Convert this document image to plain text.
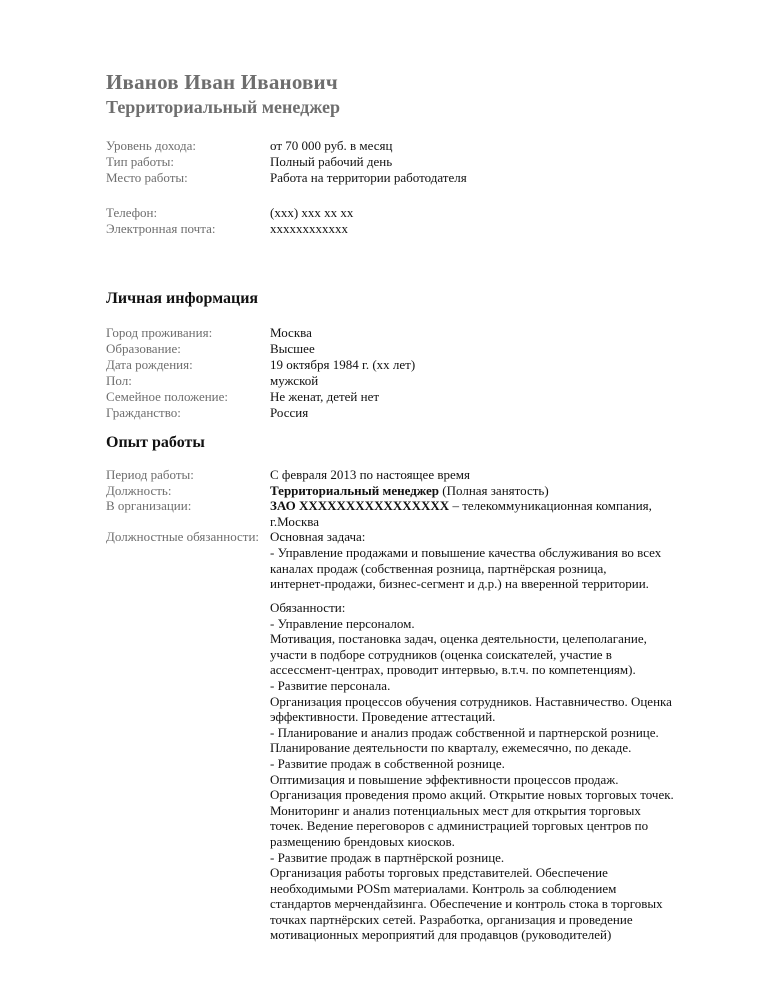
Иванов Иван Иванович
Территориальный менеджер
Уровень дохода:	от 70 000 руб. в месяц
Тип работы:	Полный рабочий день
Место работы:	Работа на территории работодателя
Телефон:	(xxx) xxx xx xx
Электронная почта:	xxxxxxxxxxxx
Личная информация
Город проживания:	Москва
Образование:	Высшее
Дата рождения:	19 октября 1984 г. (xx лет)
Пол:	мужской
Семейное положение:	Не женат, детей нет
Гражданство:	Россия
Опыт работы
Период работы:	С февраля 2013 по настоящее время
Должность:	Территориальный менеджер (Полная занятость)
В организации:	ЗАО XXXXXXXXXXXXXXXX – телекоммуникационная компания,
г.Москва
Должностные обязанности: Основная задача:
- Управление продажами и повышение качества обслуживания во всех
каналах продаж (собственная розница, партнёрская розница,
интернет-продажи, бизнес-сегмент и д.р.) на вверенной территории.
Обязанности:
- Управление персоналом.
Мотивация, постановка задач, оценка деятельности, целеполагание,
участи в подборе сотрудников (оценка соискателей, участие в
ассессмент-центрах, проводит интервью, в.т.ч. по компетенциям).
- Развитие персонала.
Организация процессов обучения сотрудников. Наставничество. Оценка
эффективности. Проведение аттестаций.
- Планирование и анализ продаж собственной и партнерской рознице.
Планирование деятельности по кварталу, ежемесячно, по декаде.
- Развитие продаж в собственной рознице.
Оптимизация и повышение эффективности процессов продаж.
Организация проведения промо акций. Открытие новых торговых точек.
Мониторинг и анализ потенциальных мест для открытия торговых
точек. Ведение переговоров с администрацией торговых центров по
размещению брендовых киосков.
- Развитие продаж в партнёрской рознице.
Организация работы торговых представителей. Обеспечение
необходимыми POSm материалами. Контроль за соблюдением
стандартов мерчендайзинга. Обеспечение и контроль стока в торговых
точках партнёрских сетей. Разработка, организация и проведение
мотивационных мероприятий для продавцов (руководителей)
